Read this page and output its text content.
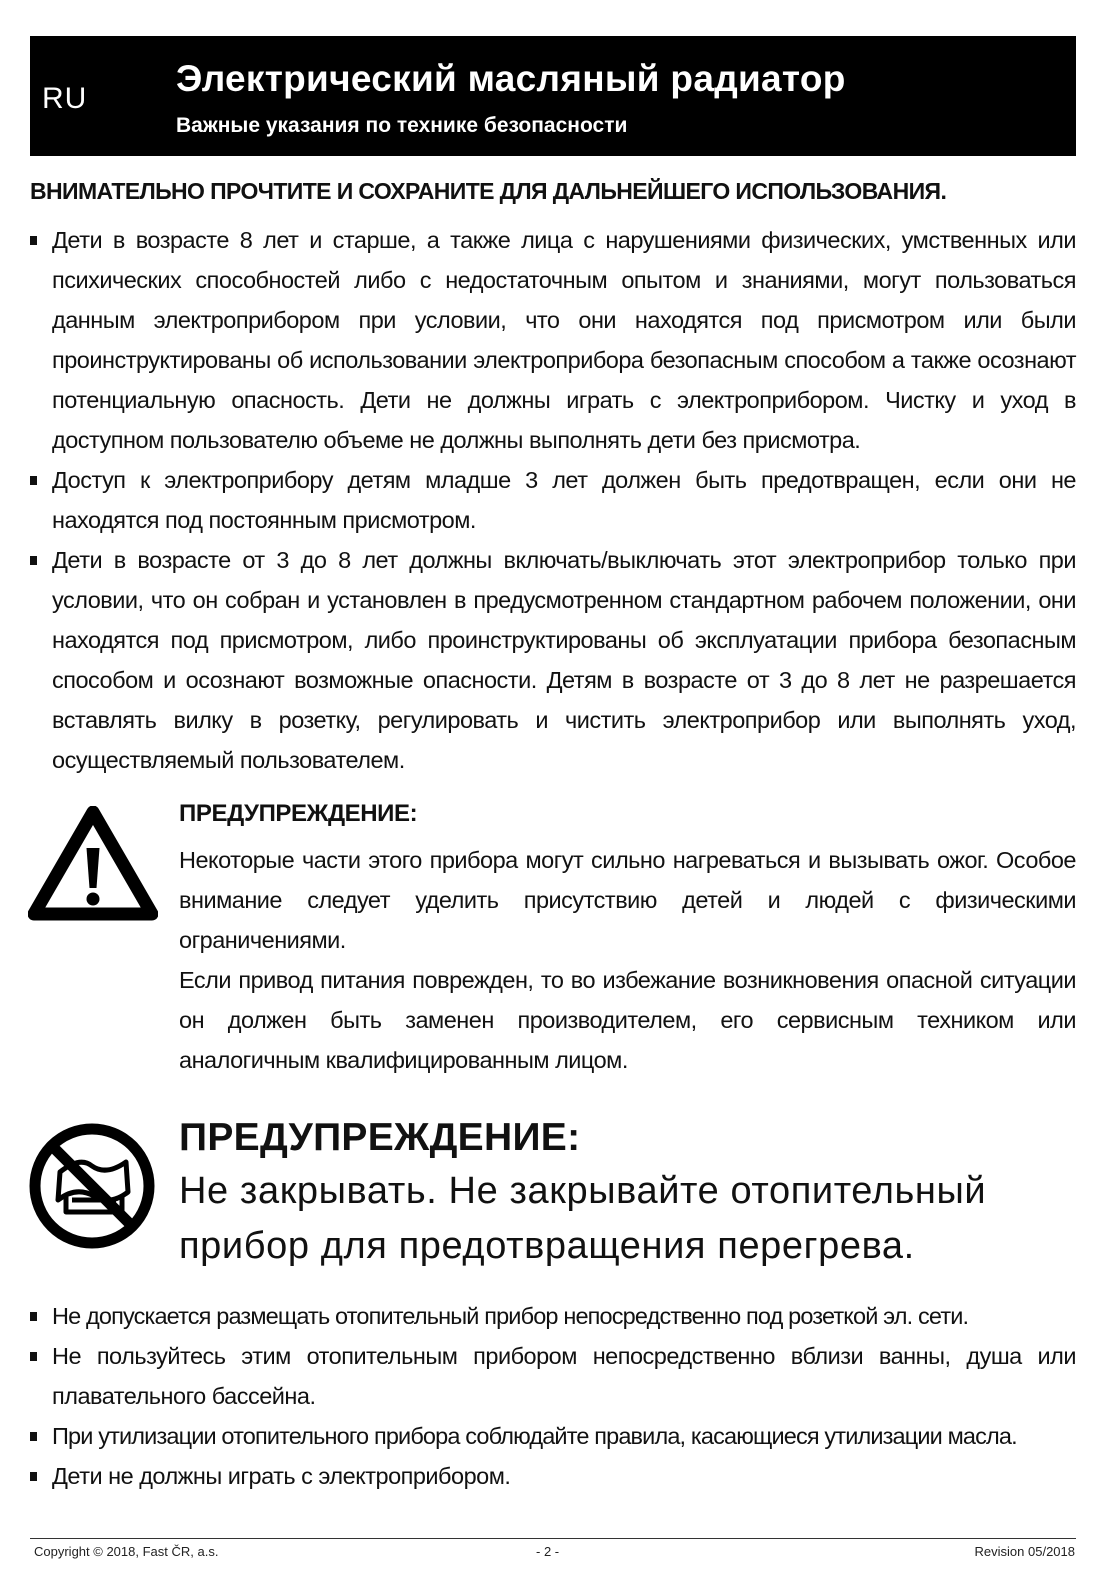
RU Электрический масляный радиатор
Важные указания по технике безопасности
ВНИМАТЕЛЬНО ПРОЧТИТЕ И СОХРАНИТЕ ДЛЯ ДАЛЬНЕЙШЕГО ИСПОЛЬЗОВАНИЯ.
Дети в возрасте 8 лет и старше, а также лица с нарушениями физических, умственных или психических способностей либо с недостаточным опытом и знаниями, могут пользоваться данным электроприбором при условии, что они находятся под присмотром или были проинструктированы об использовании электроприбора безопасным способом а также осознают потенциальную опасность. Дети не должны играть с электроприбором. Чистку и уход в доступном пользователю объеме не должны выполнять дети без присмотра.
Доступ к электроприбору детям младше 3 лет должен быть предотвращен, если они не находятся под постоянным присмотром.
Дети в возрасте от 3 до 8 лет должны включать/выключать этот электроприбор только при условии, что он собран и установлен в предусмотренном стандартном рабочем положении, они находятся под присмотром, либо проинструктированы об эксплуатации прибора безопасным способом и осознают возможные опасности. Детям в возрасте от 3 до 8 лет не разрешается вставлять вилку в розетку, регулировать и чистить электроприбор или выполнять уход, осуществляемый пользователем.
ПРЕДУПРЕЖДЕНИЕ:
Некоторые части этого прибора могут сильно нагреваться и вызывать ожог. Особое внимание следует уделить присутствию детей и людей с физическими ограничениями.
Если привод питания поврежден, то во избежание возникновения опасной ситуации он должен быть заменен производителем, его сервисным техником или аналогичным квалифицированным лицом.
ПРЕДУПРЕЖДЕНИЕ:
Не закрывать. Не закрывайте отопительный прибор для предотвращения перегрева.
Не допускается размещать отопительный прибор непосредственно под розеткой эл. сети.
Не пользуйтесь этим отопительным прибором непосредственно вблизи ванны, душа или плавательного бассейна.
При утилизации отопительного прибора соблюдайте правила, касающиеся утилизации масла.
Дети не должны играть с электроприбором.
Copyright © 2018, Fast ČR, a.s.	- 2 -	Revision 05/2018
